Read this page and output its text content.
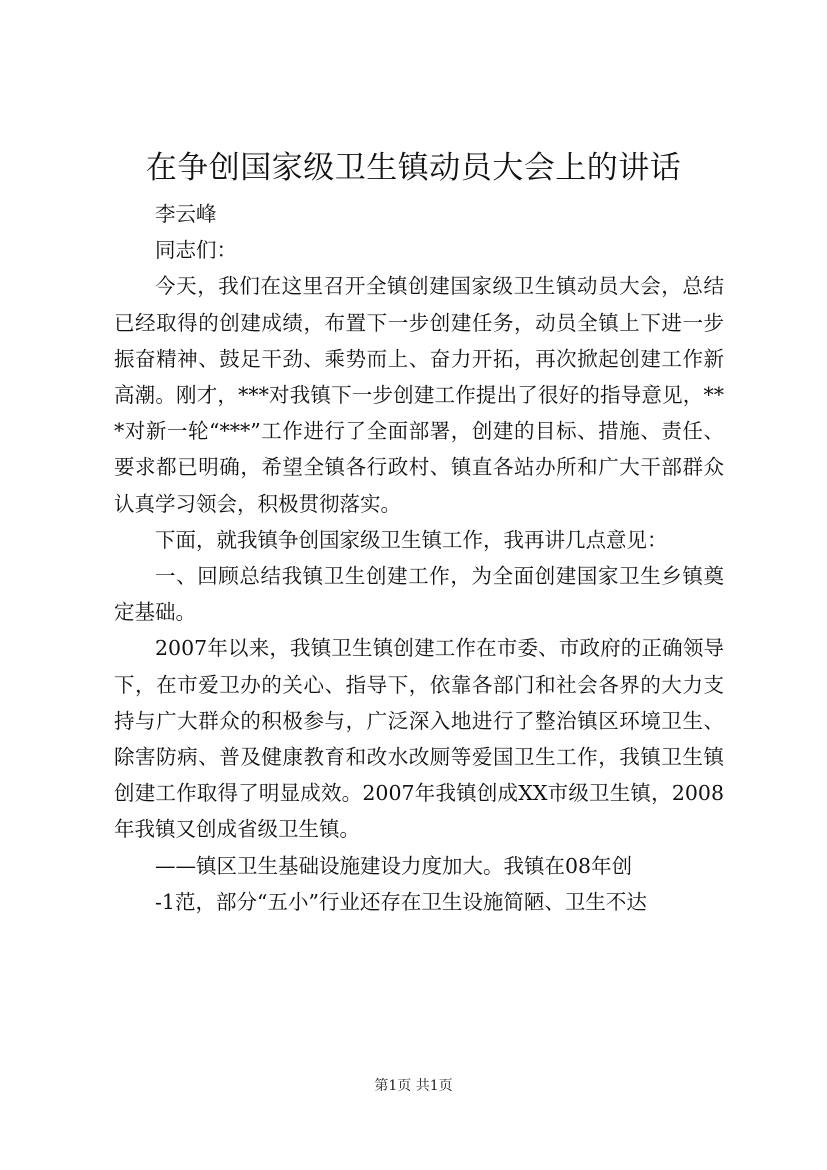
在争创国家级卫生镇动员大会上的讲话

李云峰

同志们：

今天，我们在这里召开全镇创建国家级卫生镇动员大会，总结已经取得的创建成绩，布置下一步创建任务，动员全镇上下进一步振奋精神、鼓足干劲、乘势而上、奋力开拓，再次掀起创建工作新高潮。刚才，***对我镇下一步创建工作提出了很好的指导意见，***对新一轮“***”工作进行了全面部署，创建的目标、措施、责任、要求都已明确，希望全镇各行政村、镇直各站办所和广大干部群众认真学习领会，积极贯彻落实。

下面，就我镇争创国家级卫生镇工作，我再讲几点意见：

一、回顾总结我镇卫生创建工作，为全面创建国家卫生乡镇奠定基础。

2007年以来，我镇卫生镇创建工作在市委、市政府的正确领导下，在市爱卫办的关心、指导下，依靠各部门和社会各界的大力支持与广大群众的积极参与，广泛深入地进行了整治镇区环境卫生、除害防病、普及健康教育和改水改厕等爱国卫生工作，我镇卫生镇创建工作取得了明显成效。2007年我镇创成XX市级卫生镇，2008年我镇又创成省级卫生镇。

——镇区卫生基础设施建设力度加大。我镇在08年创

-1范，部分“五小”行业还存在卫生设施简陋、卫生不达

第1页 共1页
